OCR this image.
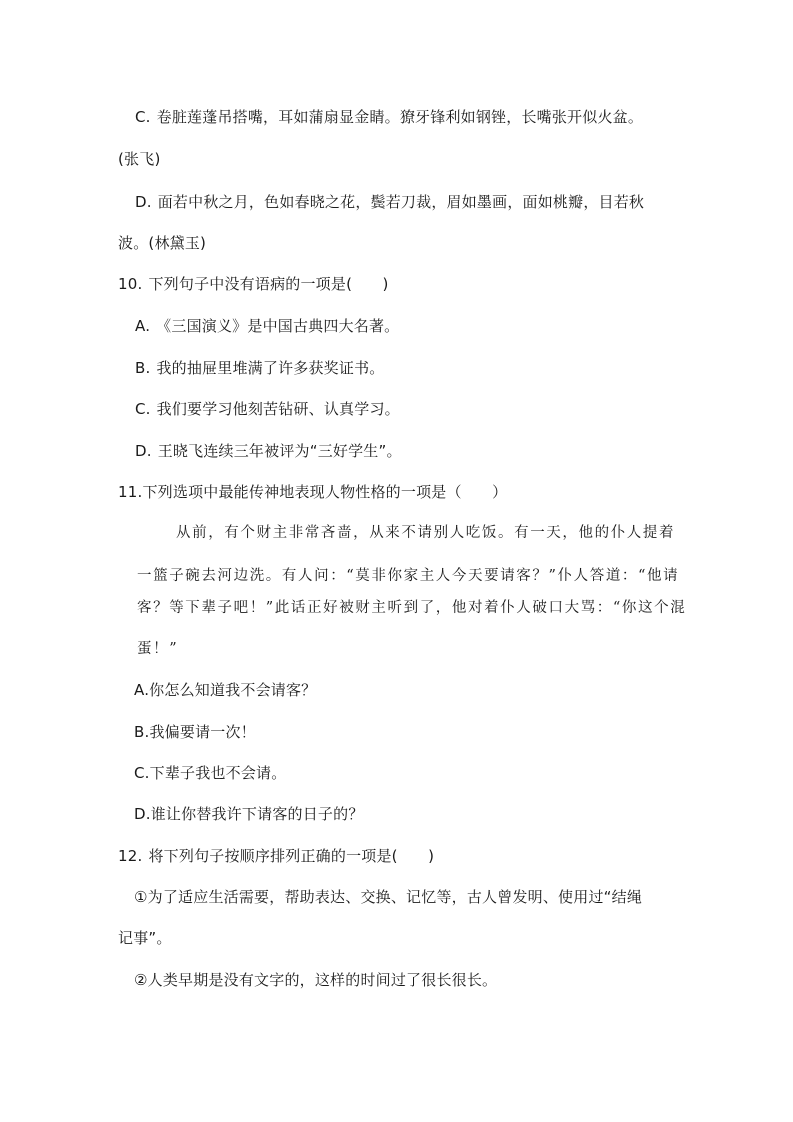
C. 卷脏莲蓬吊搭嘴，耳如蒲扇显金睛。獠牙锋利如钢锉，长嘴张开似火盆。
(张飞)
D. 面若中秋之月，色如春晓之花，鬓若刀裁，眉如墨画，面如桃瓣，目若秋
波。(林黛玉)
10. 下列句子中没有语病的一项是(　　)
A. 《三国演义》是中国古典四大名著。
B. 我的抽屉里堆满了许多获奖证书。
C. 我们要学习他刻苦钻研、认真学习。
D. 王晓飞连续三年被评为“三好学生”。
11.下列选项中最能传神地表现人物性格的一项是（　　）
从前，有个财主非常吝啬，从来不请别人吃饭。有一天，他的仆人提着
一篮子碗去河边洗。有人问：“莫非你家主人今天要请客？”仆人答道：“他请
客？等下辈子吧！”此话正好被财主听到了，他对着仆人破口大骂：“你这个混
蛋！”
A.你怎么知道我不会请客？
B.我偏要请一次！
C.下辈子我也不会请。
D.谁让你替我许下请客的日子的？
12. 将下列句子按顺序排列正确的一项是(　　)
①为了适应生活需要，帮助表达、交换、记忆等，古人曾发明、使用过“结绳
记事”。
②人类早期是没有文字的，这样的时间过了很长很长。
